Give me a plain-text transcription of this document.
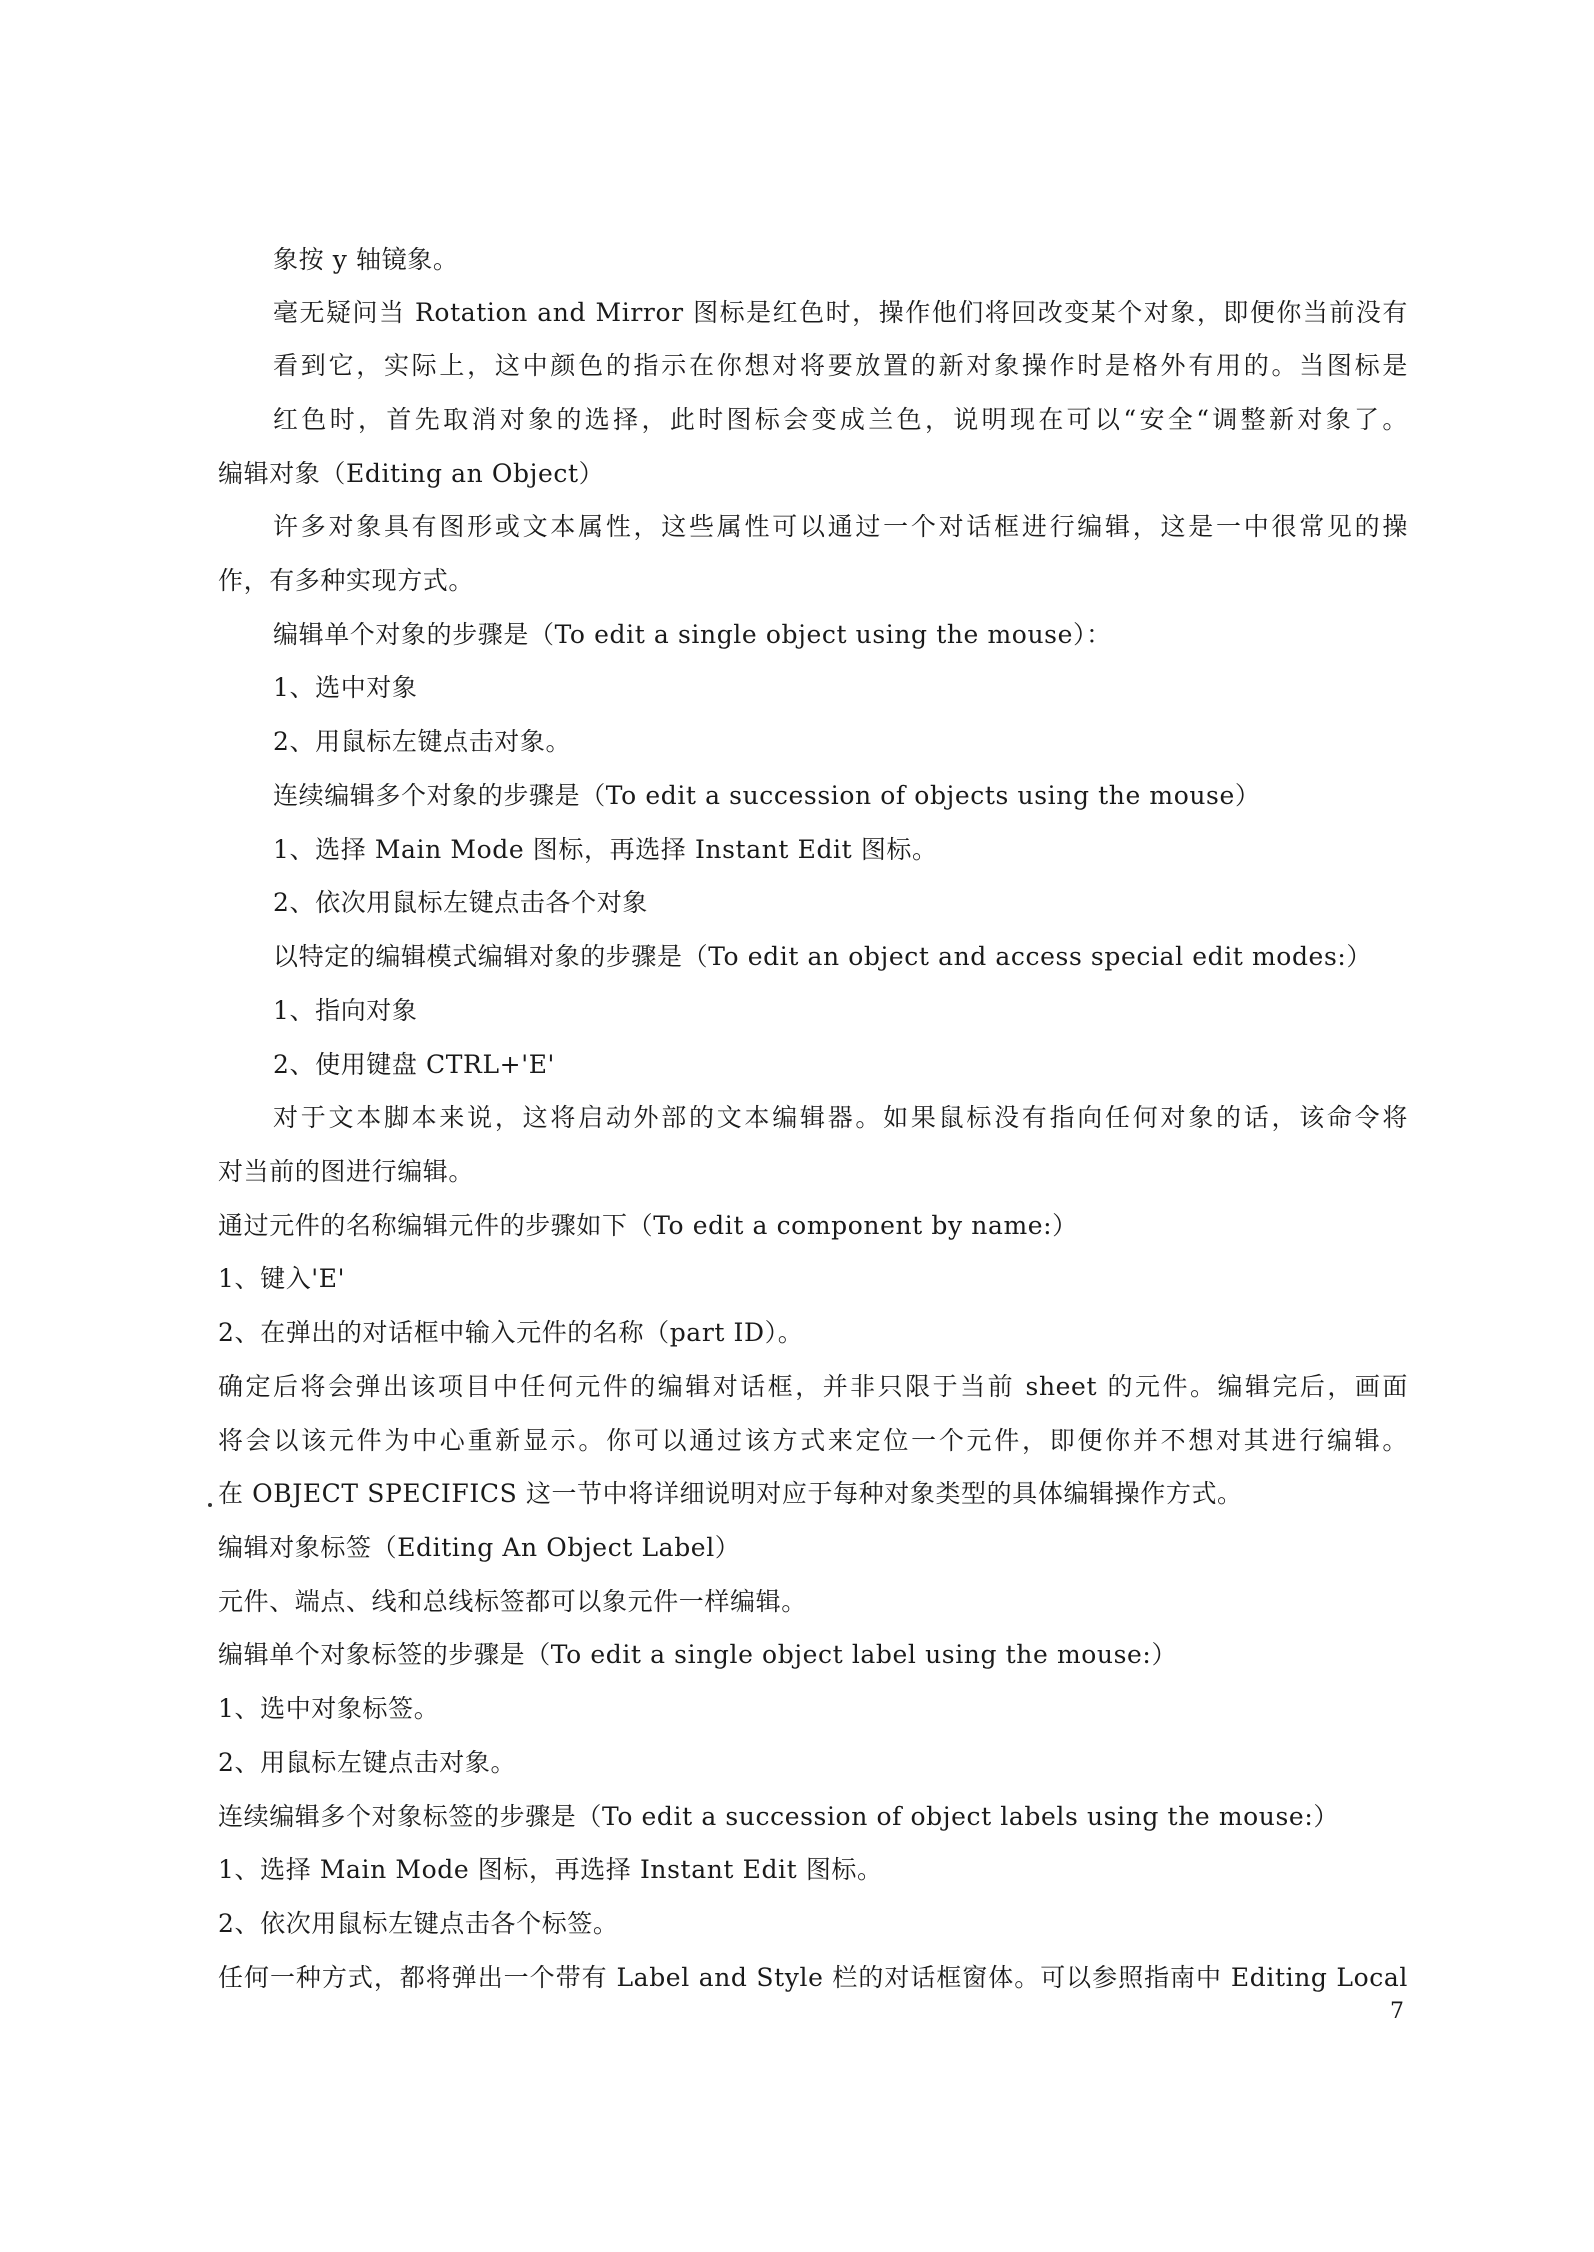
象按 y 轴镜象。
毫无疑问当 Rotation and Mirror 图标是红色时，操作他们将回改变某个对象，即便你当前没有
看到它，实际上，这中颜色的指示在你想对将要放置的新对象操作时是格外有用的。当图标是
红色时，首先取消对象的选择，此时图标会变成兰色，说明现在可以“安全“调整新对象了。
编辑对象（Editing an Object）
许多对象具有图形或文本属性，这些属性可以通过一个对话框进行编辑，这是一中很常见的操
作，有多种实现方式。
编辑单个对象的步骤是（To edit a single object using the mouse）：
1、选中对象
2、用鼠标左键点击对象。
连续编辑多个对象的步骤是（To edit a succession of objects using the mouse）
1、选择 Main Mode 图标，再选择 Instant Edit 图标。
2、依次用鼠标左键点击各个对象
以特定的编辑模式编辑对象的步骤是（To edit an object and access special edit modes:）
1、指向对象
2、使用键盘 CTRL+'E'
对于文本脚本来说，这将启动外部的文本编辑器。如果鼠标没有指向任何对象的话，该命令将
对当前的图进行编辑。
通过元件的名称编辑元件的步骤如下（To edit a component by name:）
1、键入'E'
2、在弹出的对话框中输入元件的名称（part ID）。
确定后将会弹出该项目中任何元件的编辑对话框，并非只限于当前 sheet 的元件。编辑完后，画面
将会以该元件为中心重新显示。你可以通过该方式来定位一个元件，即便你并不想对其进行编辑。
在 OBJECT SPECIFICS 这一节中将详细说明对应于每种对象类型的具体编辑操作方式。
编辑对象标签（Editing An Object Label）
元件、端点、线和总线标签都可以象元件一样编辑。
编辑单个对象标签的步骤是（To edit a single object label using the mouse:）
1、选中对象标签。
2、用鼠标左键点击对象。
连续编辑多个对象标签的步骤是（To edit a succession of object labels using the mouse:）
1、选择 Main Mode 图标，再选择 Instant Edit 图标。
2、依次用鼠标左键点击各个标签。
任何一种方式，都将弹出一个带有 Label and Style 栏的对话框窗体。可以参照指南中 Editing Local
7
